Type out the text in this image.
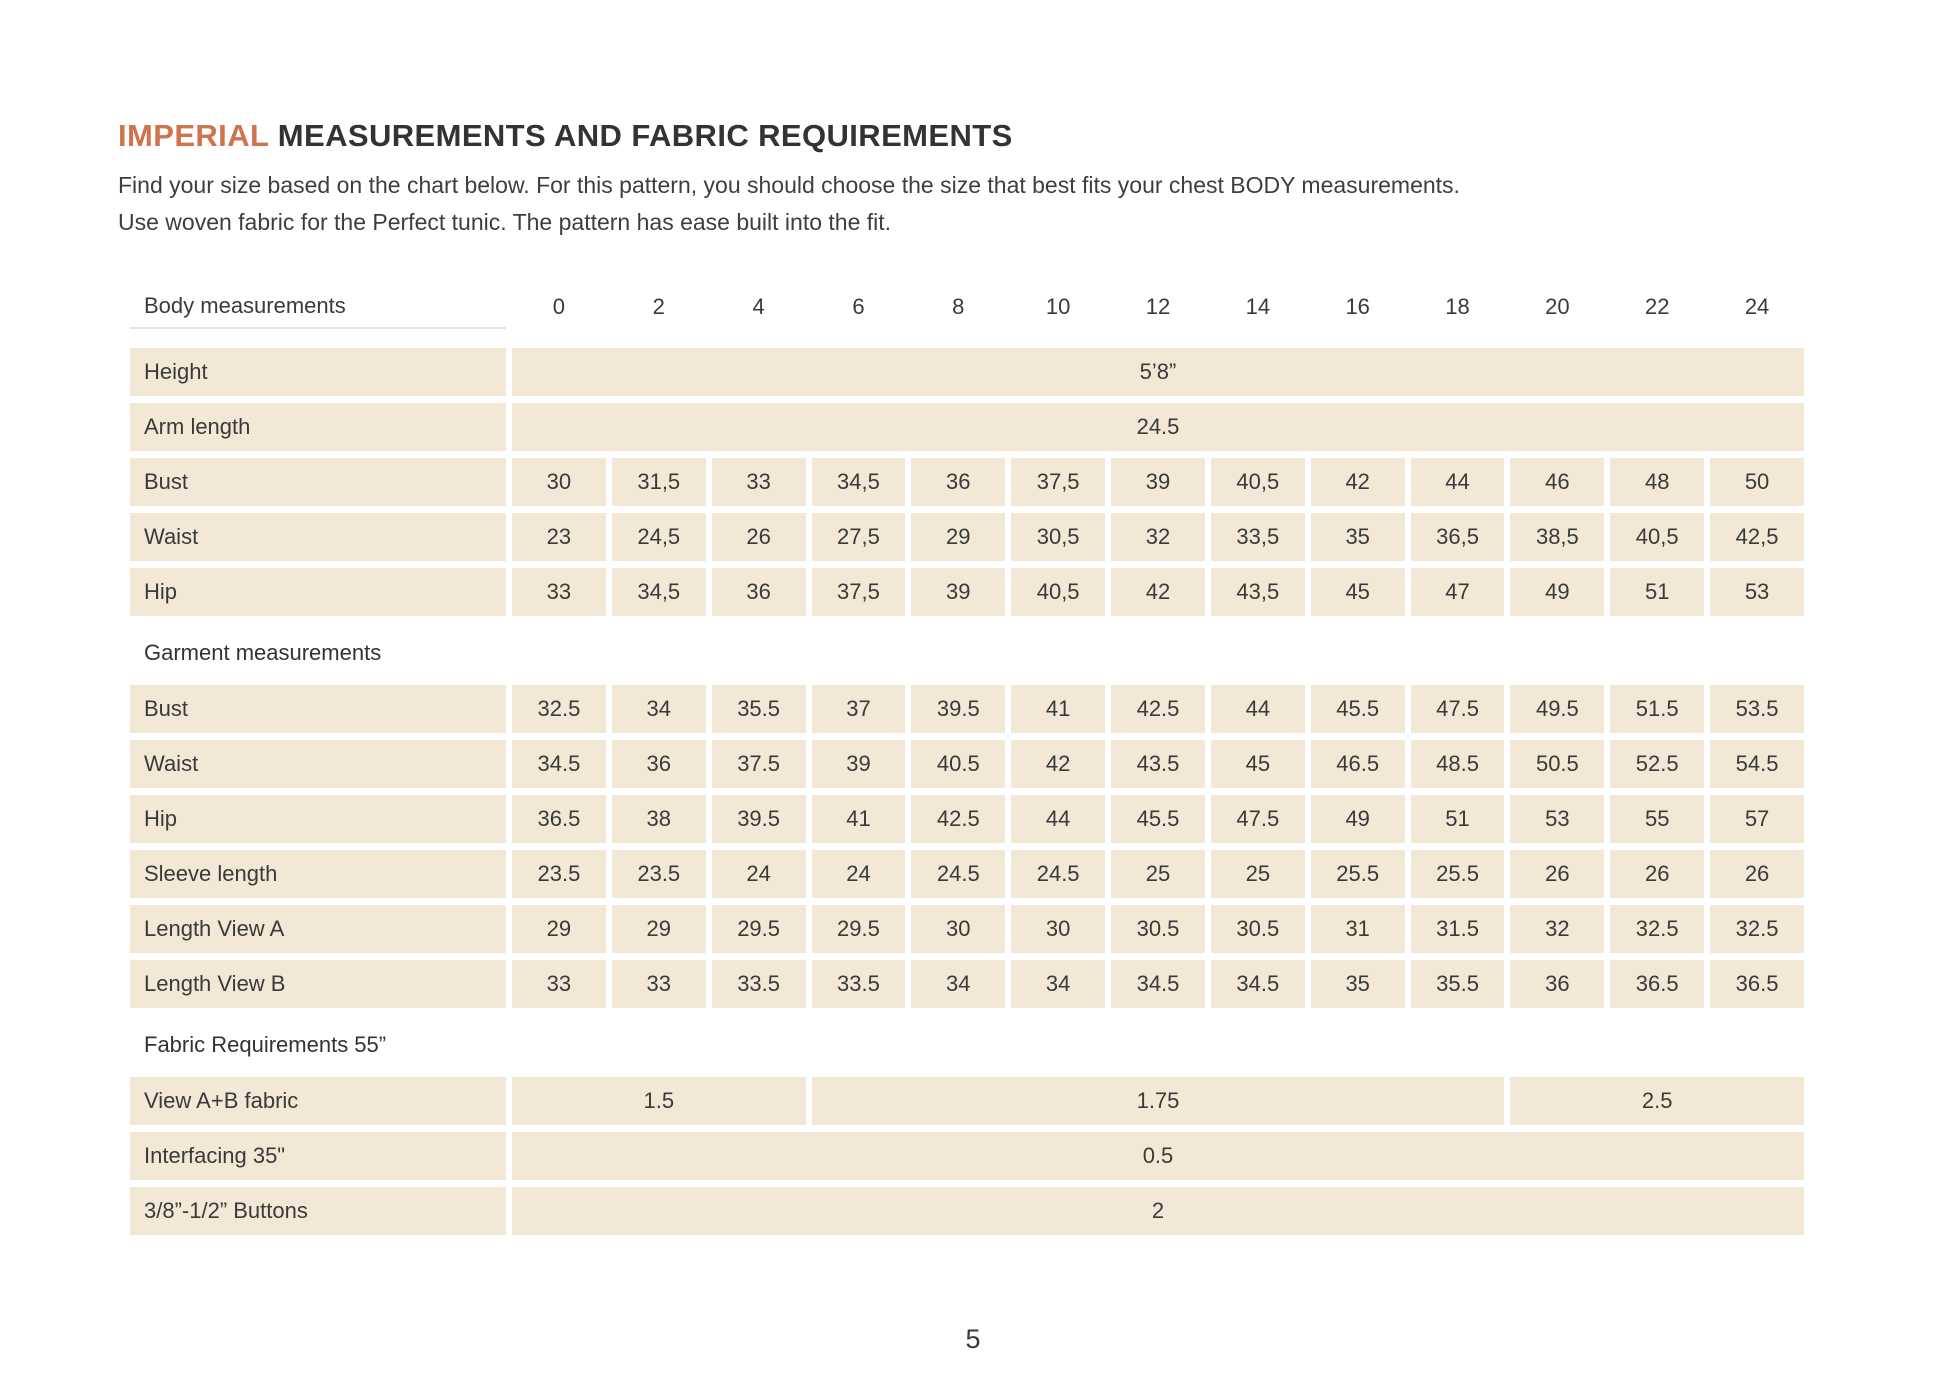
IMPERIAL MEASUREMENTS AND FABRIC REQUIREMENTS
Find your size based on the chart below. For this pattern, you should choose the size that best fits your chest BODY measurements.
Use woven fabric for the Perfect tunic. The pattern has ease built into the fit.
Body measurements	0	2	4	6	8	10	12	14	16	18	20	22	24
Height	5’8”
Arm length	24.5
Bust	30	31,5	33	34,5	36	37,5	39	40,5	42	44	46	48	50
Waist	23	24,5	26	27,5	29	30,5	32	33,5	35	36,5	38,5	40,5	42,5
Hip	33	34,5	36	37,5	39	40,5	42	43,5	45	47	49	51	53
Garment measurements
Bust	32.5	34	35.5	37	39.5	41	42.5	44	45.5	47.5	49.5	51.5	53.5
Waist	34.5	36	37.5	39	40.5	42	43.5	45	46.5	48.5	50.5	52.5	54.5
Hip	36.5	38	39.5	41	42.5	44	45.5	47.5	49	51	53	55	57
Sleeve length	23.5	23.5	24	24	24.5	24.5	25	25	25.5	25.5	26	26	26
Length View A	29	29	29.5	29.5	30	30	30.5	30.5	31	31.5	32	32.5	32.5
Length View B	33	33	33.5	33.5	34	34	34.5	34.5	35	35.5	36	36.5	36.5
Fabric Requirements 55”
View A+B fabric	1.5	1.75	2.5
Interfacing 35"	0.5
3/8”-1/2” Buttons	2
5
